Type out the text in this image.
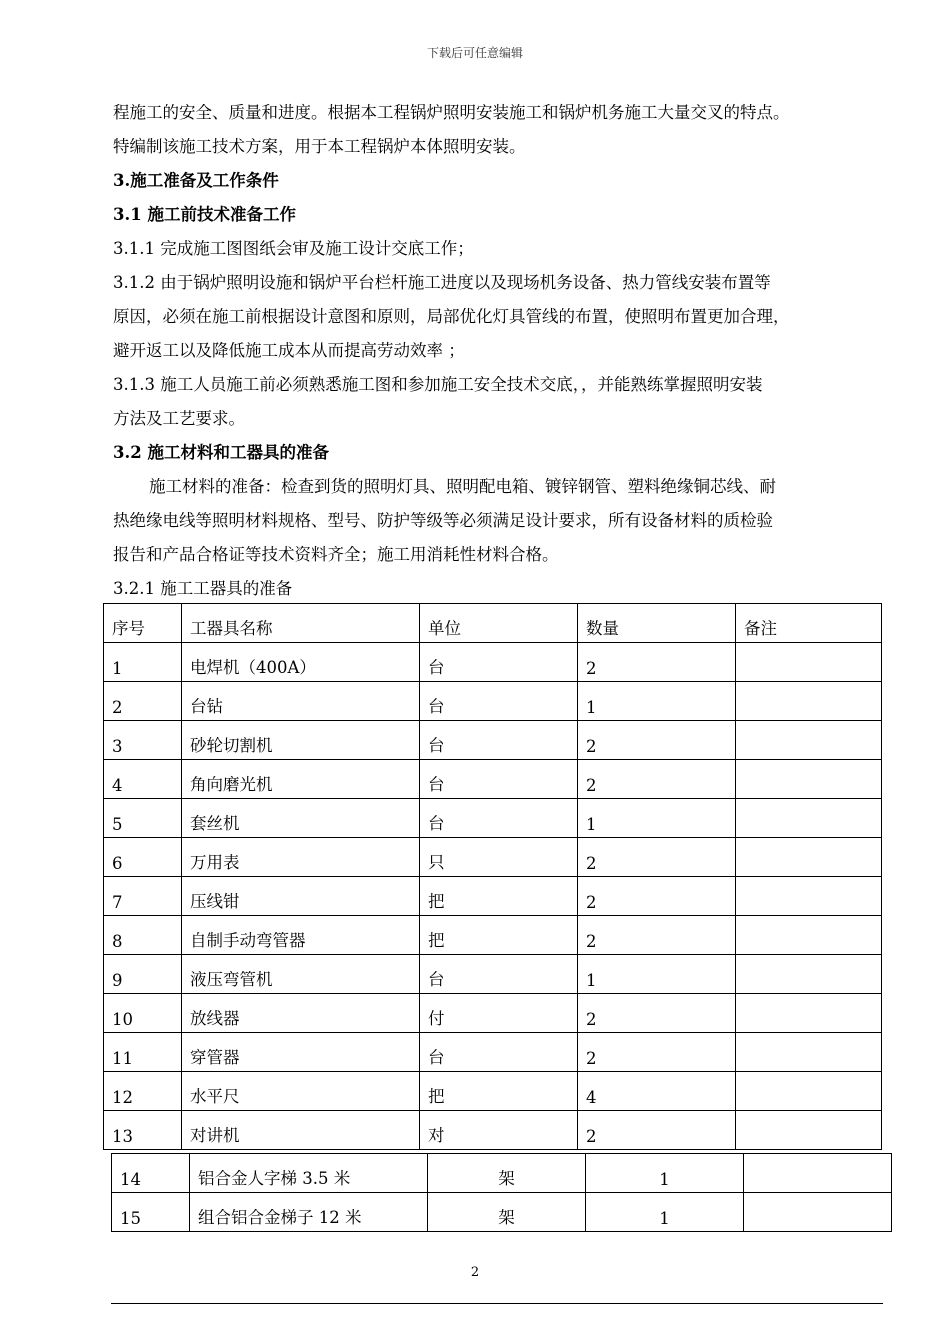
下载后可任意编辑

程施工的安全、质量和进度。根据本工程锅炉照明安装施工和锅炉机务施工大量交叉的特点。

特编制该施工技术方案，用于本工程锅炉本体照明安装。

3.施工准备及工作条件

3.1 施工前技术准备工作

3.1.1 完成施工图图纸会审及施工设计交底工作；

3.1.2 由于锅炉照明设施和锅炉平台栏杆施工进度以及现场机务设备、热力管线安装布置等

原因，必须在施工前根据设计意图和原则，局部优化灯具管线的布置，使照明布置更加合理，

避开返工以及降低施工成本从而提高劳动效率 ；

3.1.3 施工人员施工前必须熟悉施工图和参加施工安全技术交底，，并能熟练掌握照明安装

方法及工艺要求。

3.2 施工材料和工器具的准备

施工材料的准备：检查到货的照明灯具、照明配电箱、镀锌钢管、塑料绝缘铜芯线、耐

热绝缘电线等照明材料规格、型号、防护等级等必须满足设计要求，所有设备材料的质检验

报告和产品合格证等技术资料齐全；施工用消耗性材料合格。

3.2.1 施工工器具的准备

序号	工器具名称	单位	数量	备注
1	电焊机（400A）	台	2	
2	台钻	台	1	
3	砂轮切割机	台	2	
4	角向磨光机	台	2	
5	套丝机	台	1	
6	万用表	只	2	
7	压线钳	把	2	
8	自制手动弯管器	把	2	
9	液压弯管机	台	1	
10	放线器	付	2	
11	穿管器	台	2	
12	水平尺	把	4	
13	对讲机	对	2	
14	铝合金人字梯 3.5 米	架	1	
15	组合铝合金梯子 12 米	架	1	
2
